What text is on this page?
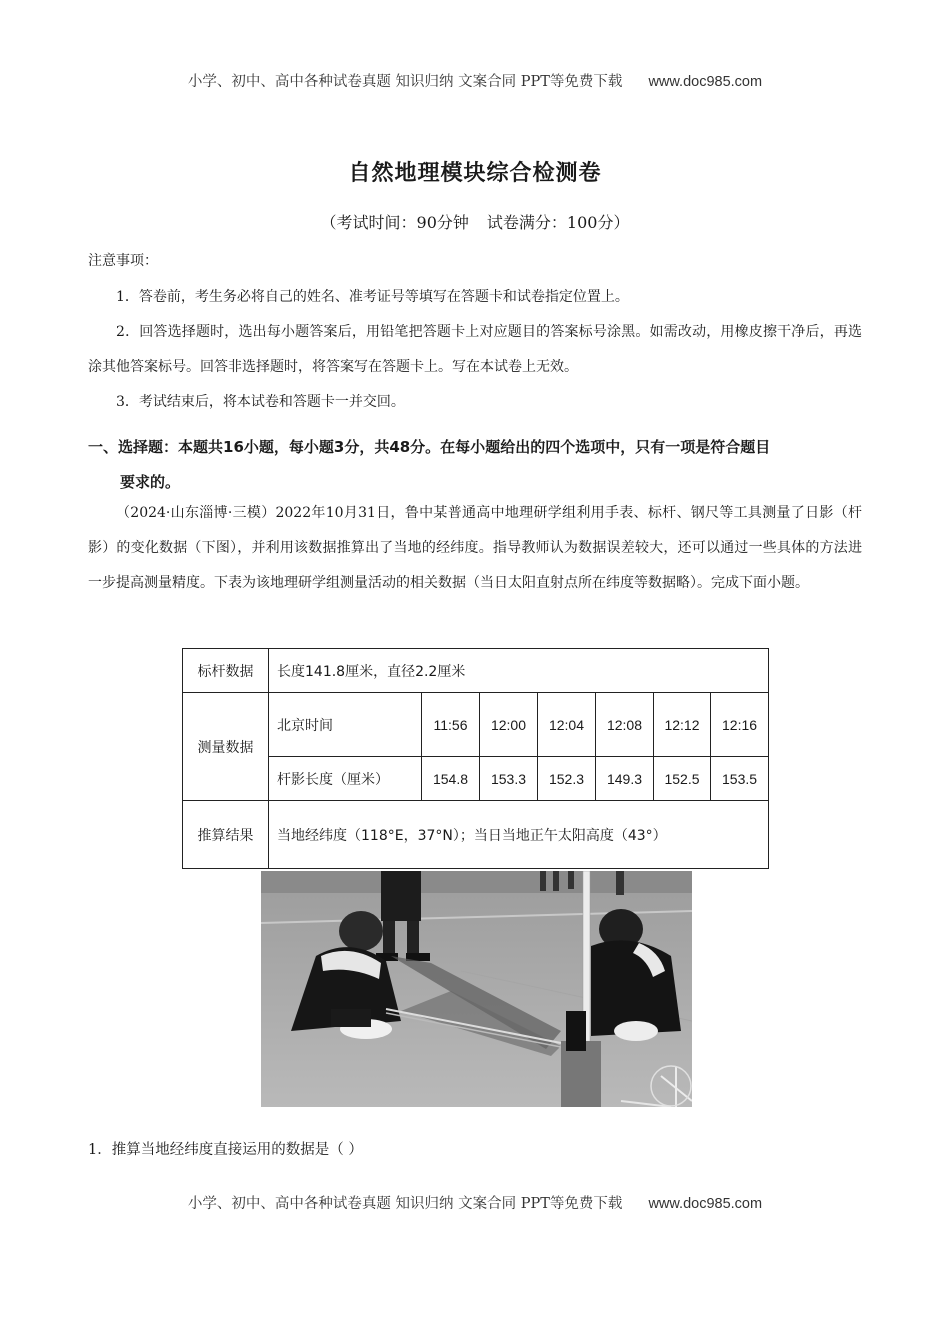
小学、初中、高中各种试卷真题 知识归纳 文案合同 PPT等免费下载 www.doc985.com
自然地理模块综合检测卷
（考试时间：90分钟 试卷满分：100分）
注意事项：
1．答卷前，考生务必将自己的姓名、准考证号等填写在答题卡和试卷指定位置上。
2．回答选择题时，选出每小题答案后，用铅笔把答题卡上对应题目的答案标号涂黑。如需改动，用橡皮擦干净后，再选涂其他答案标号。回答非选择题时，将答案写在答题卡上。写在本试卷上无效。
3．考试结束后，将本试卷和答题卡一并交回。
一、选择题：本题共16小题，每小题3分，共48分。在每小题给出的四个选项中，只有一项是符合题目
要求的。
（2024·山东淄博·三模）2022年10月31日，鲁中某普通高中地理研学组利用手表、标杆、钢尺等工具测量了日影（杆影）的变化数据（下图），并利用该数据推算出了当地的经纬度。指导教师认为数据误差较大，还可以通过一些具体的方法进一步提高测量精度。下表为该地理研学组测量活动的相关数据（当日太阳直射点所在纬度等数据略）。完成下面小题。
标杆数据	长度141.8厘米，直径2.2厘米						
测量数据	北京时间	11:56	12:00	12:04	12:08	12:12	12:16
	杆影长度（厘米）	154.8	153.3	152.3	149.3	152.5	153.5
推算结果	当地经纬度（118°E，37°N）；当日当地正午太阳高度（43°）						
1．推算当地经纬度直接运用的数据是（ ）
小学、初中、高中各种试卷真题 知识归纳 文案合同 PPT等免费下载 www.doc985.com
